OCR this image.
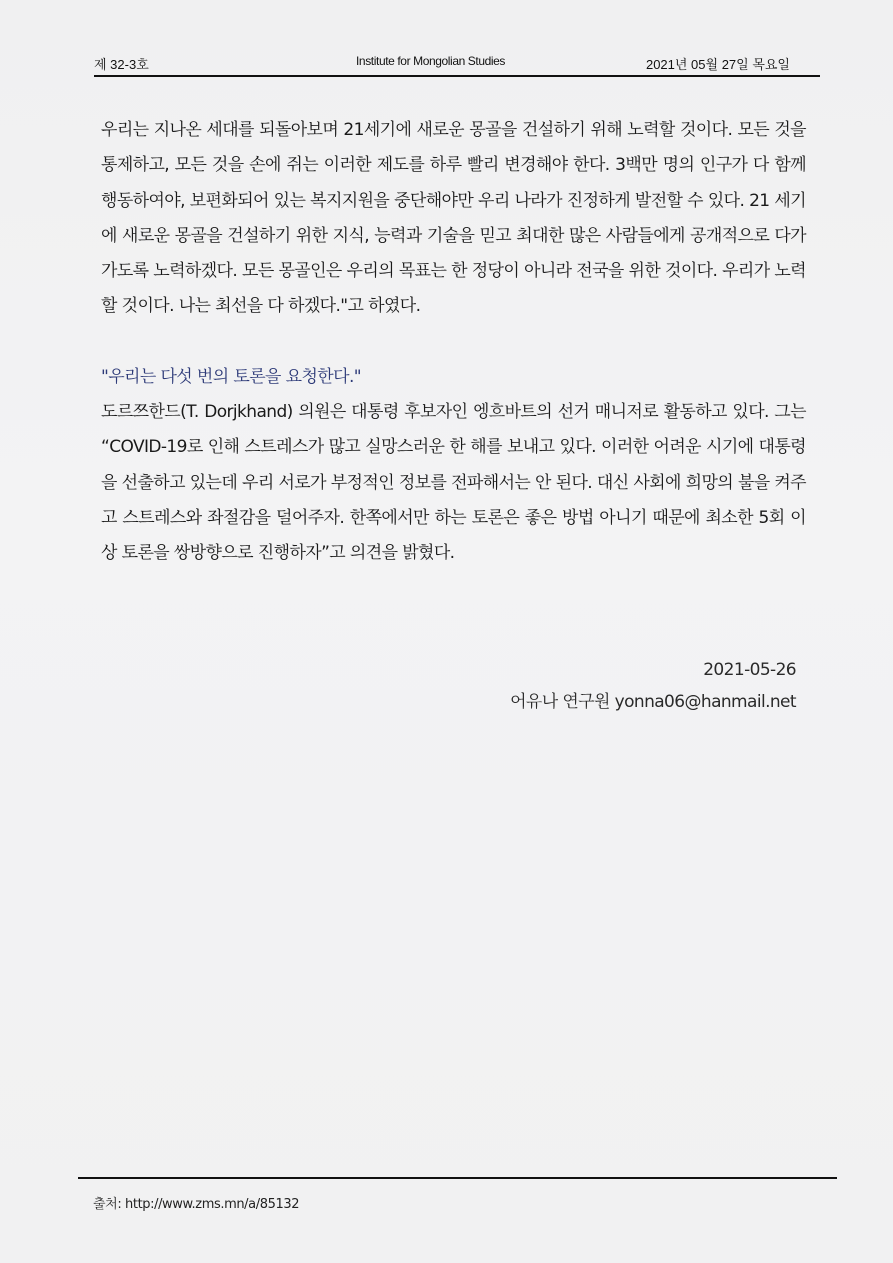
제 32-3호	Institute for Mongolian Studies	2021년 05월 27일 목요일

우리는 지나온 세대를 되돌아보며 21세기에 새로운 몽골을 건설하기 위해 노력할 것이다. 모든 것을 통제하고, 모든 것을 손에 쥐는 이러한 제도를 하루 빨리 변경해야 한다. 3백만 명의 인구가 다 함께 행동하여야, 보편화되어 있는 복지지원을 중단해야만 우리 나라가 진정하게 발전할 수 있다. 21 세기에 새로운 몽골을 건설하기 위한 지식, 능력과 기술을 믿고 최대한 많은 사람들에게 공개적으로 다가가도록 노력하겠다. 모든 몽골인은 우리의 목표는 한 정당이 아니라 전국을 위한 것이다. 우리가 노력할 것이다. 나는 최선을 다 하겠다."고 하였다.

"우리는 다섯 번의 토론을 요청한다."

도르쯔한드(T. Dorjkhand) 의원은 대통령 후보자인 엥흐바트의 선거 매니저로 활동하고 있다. 그는 “COVID-19로 인해 스트레스가 많고 실망스러운 한 해를 보내고 있다. 이러한 어려운 시기에 대통령을 선출하고 있는데 우리 서로가 부정적인 정보를 전파해서는 안 된다. 대신 사회에 희망의 불을 켜주고 스트레스와 좌절감을 덜어주자. 한쪽에서만 하는 토론은 좋은 방법 아니기 때문에 최소한 5회 이상 토론을 쌍방향으로 진행하자”고 의견을 밝혔다.

2021-05-26
어유나 연구원 yonna06@hanmail.net
출처: http://www.zms.mn/a/85132
